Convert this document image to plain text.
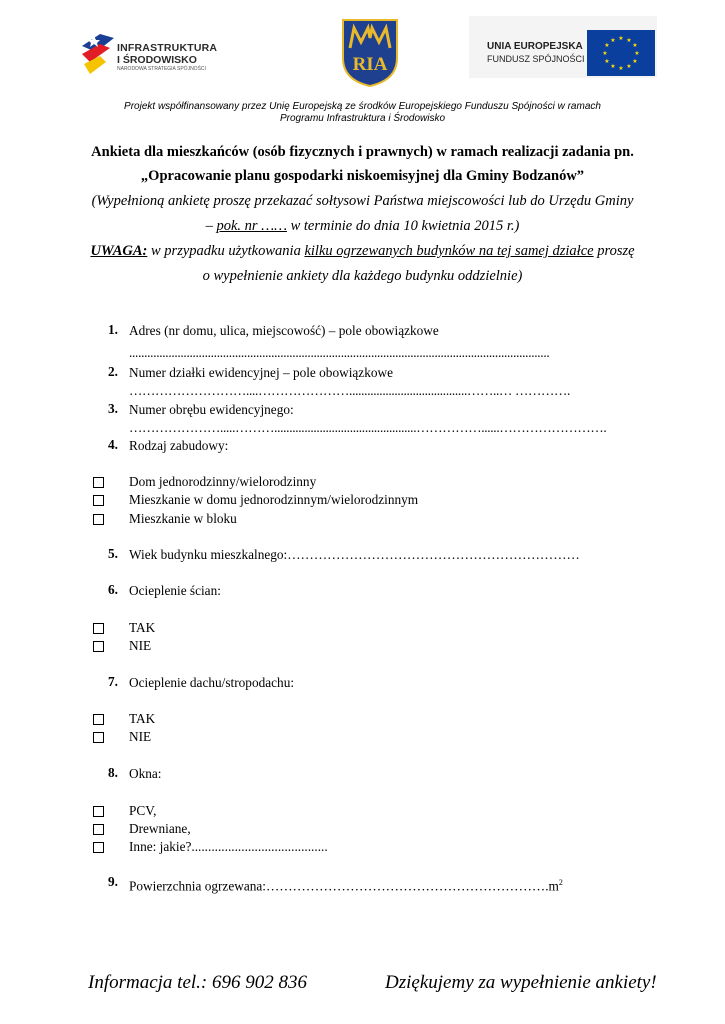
INFRASTRUKTURA
I ŚRODOWISKO
NARODOWA STRATEGIA SPÓJNOŚCI	RIA
UNIA EUROPEJSKA
FUNDUSZ SPÓJNOŚCI
★ ★
★
★
★
★
★
★
★
★
★
★
Projekt współfinansowany przez Unię Europejską ze środków Europejskiego Funduszu Spójności w ramach
Programu Infrastruktura i Środowisko
Ankieta dla mieszkańców (osób fizycznych i prawnych) w ramach realizacji zadania pn.
„Opracowanie planu gospodarki niskoemisyjnej dla Gminy Bodzanów”
(Wypełnioną ankietę proszę przekazać sołtysowi Państwa miejscowości lub do Urzędu Gminy
– pok. nr …… w terminie do dnia 10 kwietnia 2015 r.)
UWAGA: w przypadku użytkowania kilku ogrzewanych budynków na tej samej działce proszę
o wypełnienie ankiety dla każdego budynku oddzielnie)
1. Adres (nr domu, ulica, miejscowość) – pole obowiązkowe
...........................................................................................................................................
2. Numer działki ewidencyjnej – pole obowiązkowe
………………………....………………….......................................……..… ………….
3. Numer obrębu ewidencyjnego:
………………….....………...............................................……………......…………………….
4. Rodzaj zabudowy:
Dom jednorodzinny/wielorodzinny
Mieszkanie w domu jednorodzinnym/wielorodzinnym
Mieszkanie w bloku
5. Wiek budynku mieszkalnego:…………………………………………………………
6. Ocieplenie ścian:
TAK
NIE
7. Ocieplenie dachu/stropodachu:
TAK
NIE
8. Okna:
PCV,
Drewniane,
Inne: jakie?.........................................
9. Powierzchnia $ogrzewana:\dots\dots\dots\dots\dots\dots\dots\dots\dots\dots\dots\dots\dots\dots\dots\dots\dots\dots\dots\dots\dots.m^2$
Informacja tel.: 696 902 836	Dziękujemy za wypełnienie ankiety!
